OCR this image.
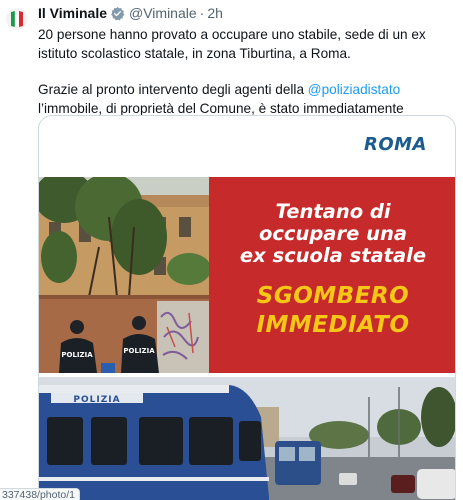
Il Viminale @Viminale · 2h

20 persone hanno provato a occupare uno stabile, sede di un ex istituto scolastico statale, in zona Tiburtina, a Roma.

Grazie al pronto intervento degli agenti della @poliziadistato l’immobile, di proprietà del Comune, è stato immediatamente

ROMA
POLIZIA	POLIZIA
Tentano di
occupare una
ex scuola statale
SGOMBERO
IMMEDIATO
POLIZIA
337438/photo/1
